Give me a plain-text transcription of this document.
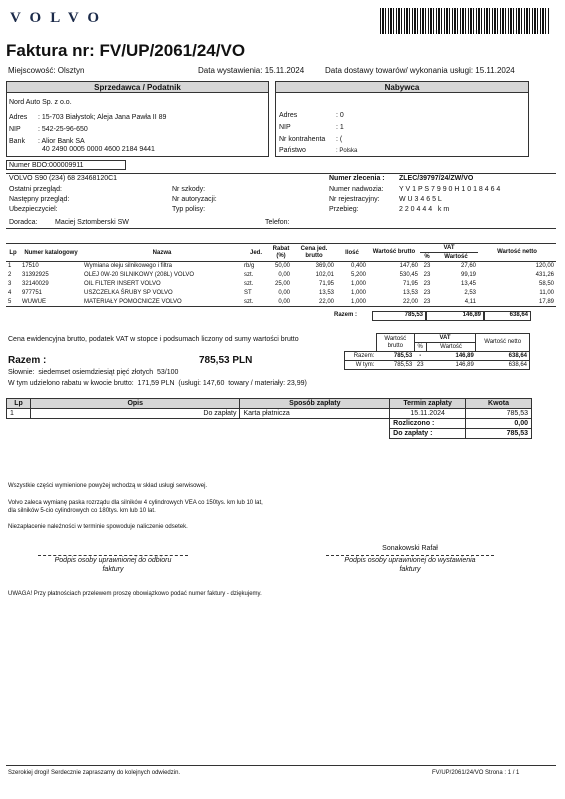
VOLVO
Faktura nr: FV/UP/2061/24/VO
Miejscowość: Olsztyn	Data wystawienia: 15.11.2024	Data dostawy towarów/ wykonania usługi: 15.11.2024
Sprzedawca / Podatnik	Nabywca
Nord Auto Sp. z o.o.
Adres : 15-703 Białystok; Aleja Jana Pawła II 89
NIP : 542-25-96-650
Bank : Alior Bank SA
40 2490 0005 0000 4600 2184 9441
Numer BDO:000009911
Adres	: 0
NIP	: 1
Nr kontrahenta : (
Państwo	: Polska
VOLVO S90 (234) 68 23468120C1	Numer zlecenia : ZLEC/39797/24/ZW/VO
Ostatni przegląd:
Następny przegląd:
Ubezpieczyciel:
Nr szkody:
Nr autoryzacji:
Typ polisy:
Numer nadwozia: Y V 1 P S 7 9 9 0 H 1 0 1 8 4 6 4
Nr rejestracyjny:	W U 3 4 6 5 L
Przebieg:	2 2 0 4 4 4   k m
Doradca:	Maciej Sztomberski SW	Telefon:
Lp	Numer katalogowy	Nazwa	Jed.	Rabat (%)	Cena jed. brutto	Ilość	Wartość brutto	VAT		Wartość netto
								%	Wartość	
1	17510	Wymiana oleju silnikowego i filtra	rb/g	50,00	369,00	0,400	147,60	23	27,60	120,00
2	31392925	OLEJ 0W-20 SILNIKOWY (208L) VOLVO	szt.	0,00	102,01	5,200	530,45	23	99,19	431,26
3	32140029	OIL FILTER INSERT VOLVO	szt.	25,00	71,95	1,000	71,95	23	13,45	58,50
4	977751	USZCZELKA ŚRUBY SP VOLVO	ST	0,00	13,53	1,000	13,53	23	2,53	11,00
5	WUWUE	MATERIAŁY POMOCNICZE VOLVO	szt.	0,00	22,00	1,000	22,00	23	4,11	17,89
Razem :	785,53	146,89	638,64
Cena ewidencyjna brutto, podatek VAT w stopce i podsumach liczony od sumy wartości brutto
Razem :	785,53 PLN
Słownie:  siedemset osiemdziesiąt pięć złotych  53/100
W tym udzielono rabatu w kwocie brutto:  171,59 PLN  (usługi: 147,60  towary / materiały: 23,99)
	Wartość brutto	VAT		Wartość netto
		%	Wartość	
Razem:	785,53	-	146,89	638,64
W tym:	785,53	23	146,89	638,64
Lp	Opis	Sposób zapłaty	Termin zapłaty	Kwota
1	Do zapłaty	Karta płatnicza	15.11.2024	785,53
			Rozliczono :	0,00
			Do zapłaty :	785,53
Wszystkie części wymienione powyżej wchodzą w skład usługi serwisowej.
Volvo zaleca wymianę paska rozrządu dla silników 4 cylindrowych VEA co 150tys. km lub 10 lat,
dla silników 5-cio cylindrowych co 180tys. km lub 10 lat.
Niezapłacenie należności w terminie spowoduje naliczenie odsetek.
Podpis osoby uprawnionej do odbioru
faktury
Sonakowski Rafał
Podpis osoby uprawnionej do wystawienia
faktury
UWAGA! Przy płatnościach przelewem proszę obowiązkowo podać numer faktury - dziękujemy.
Szerokiej drogi! Serdecznie zapraszamy do kolejnych odwiedzin.	FV/UP/2061/24/VO Strona : 1 / 1
